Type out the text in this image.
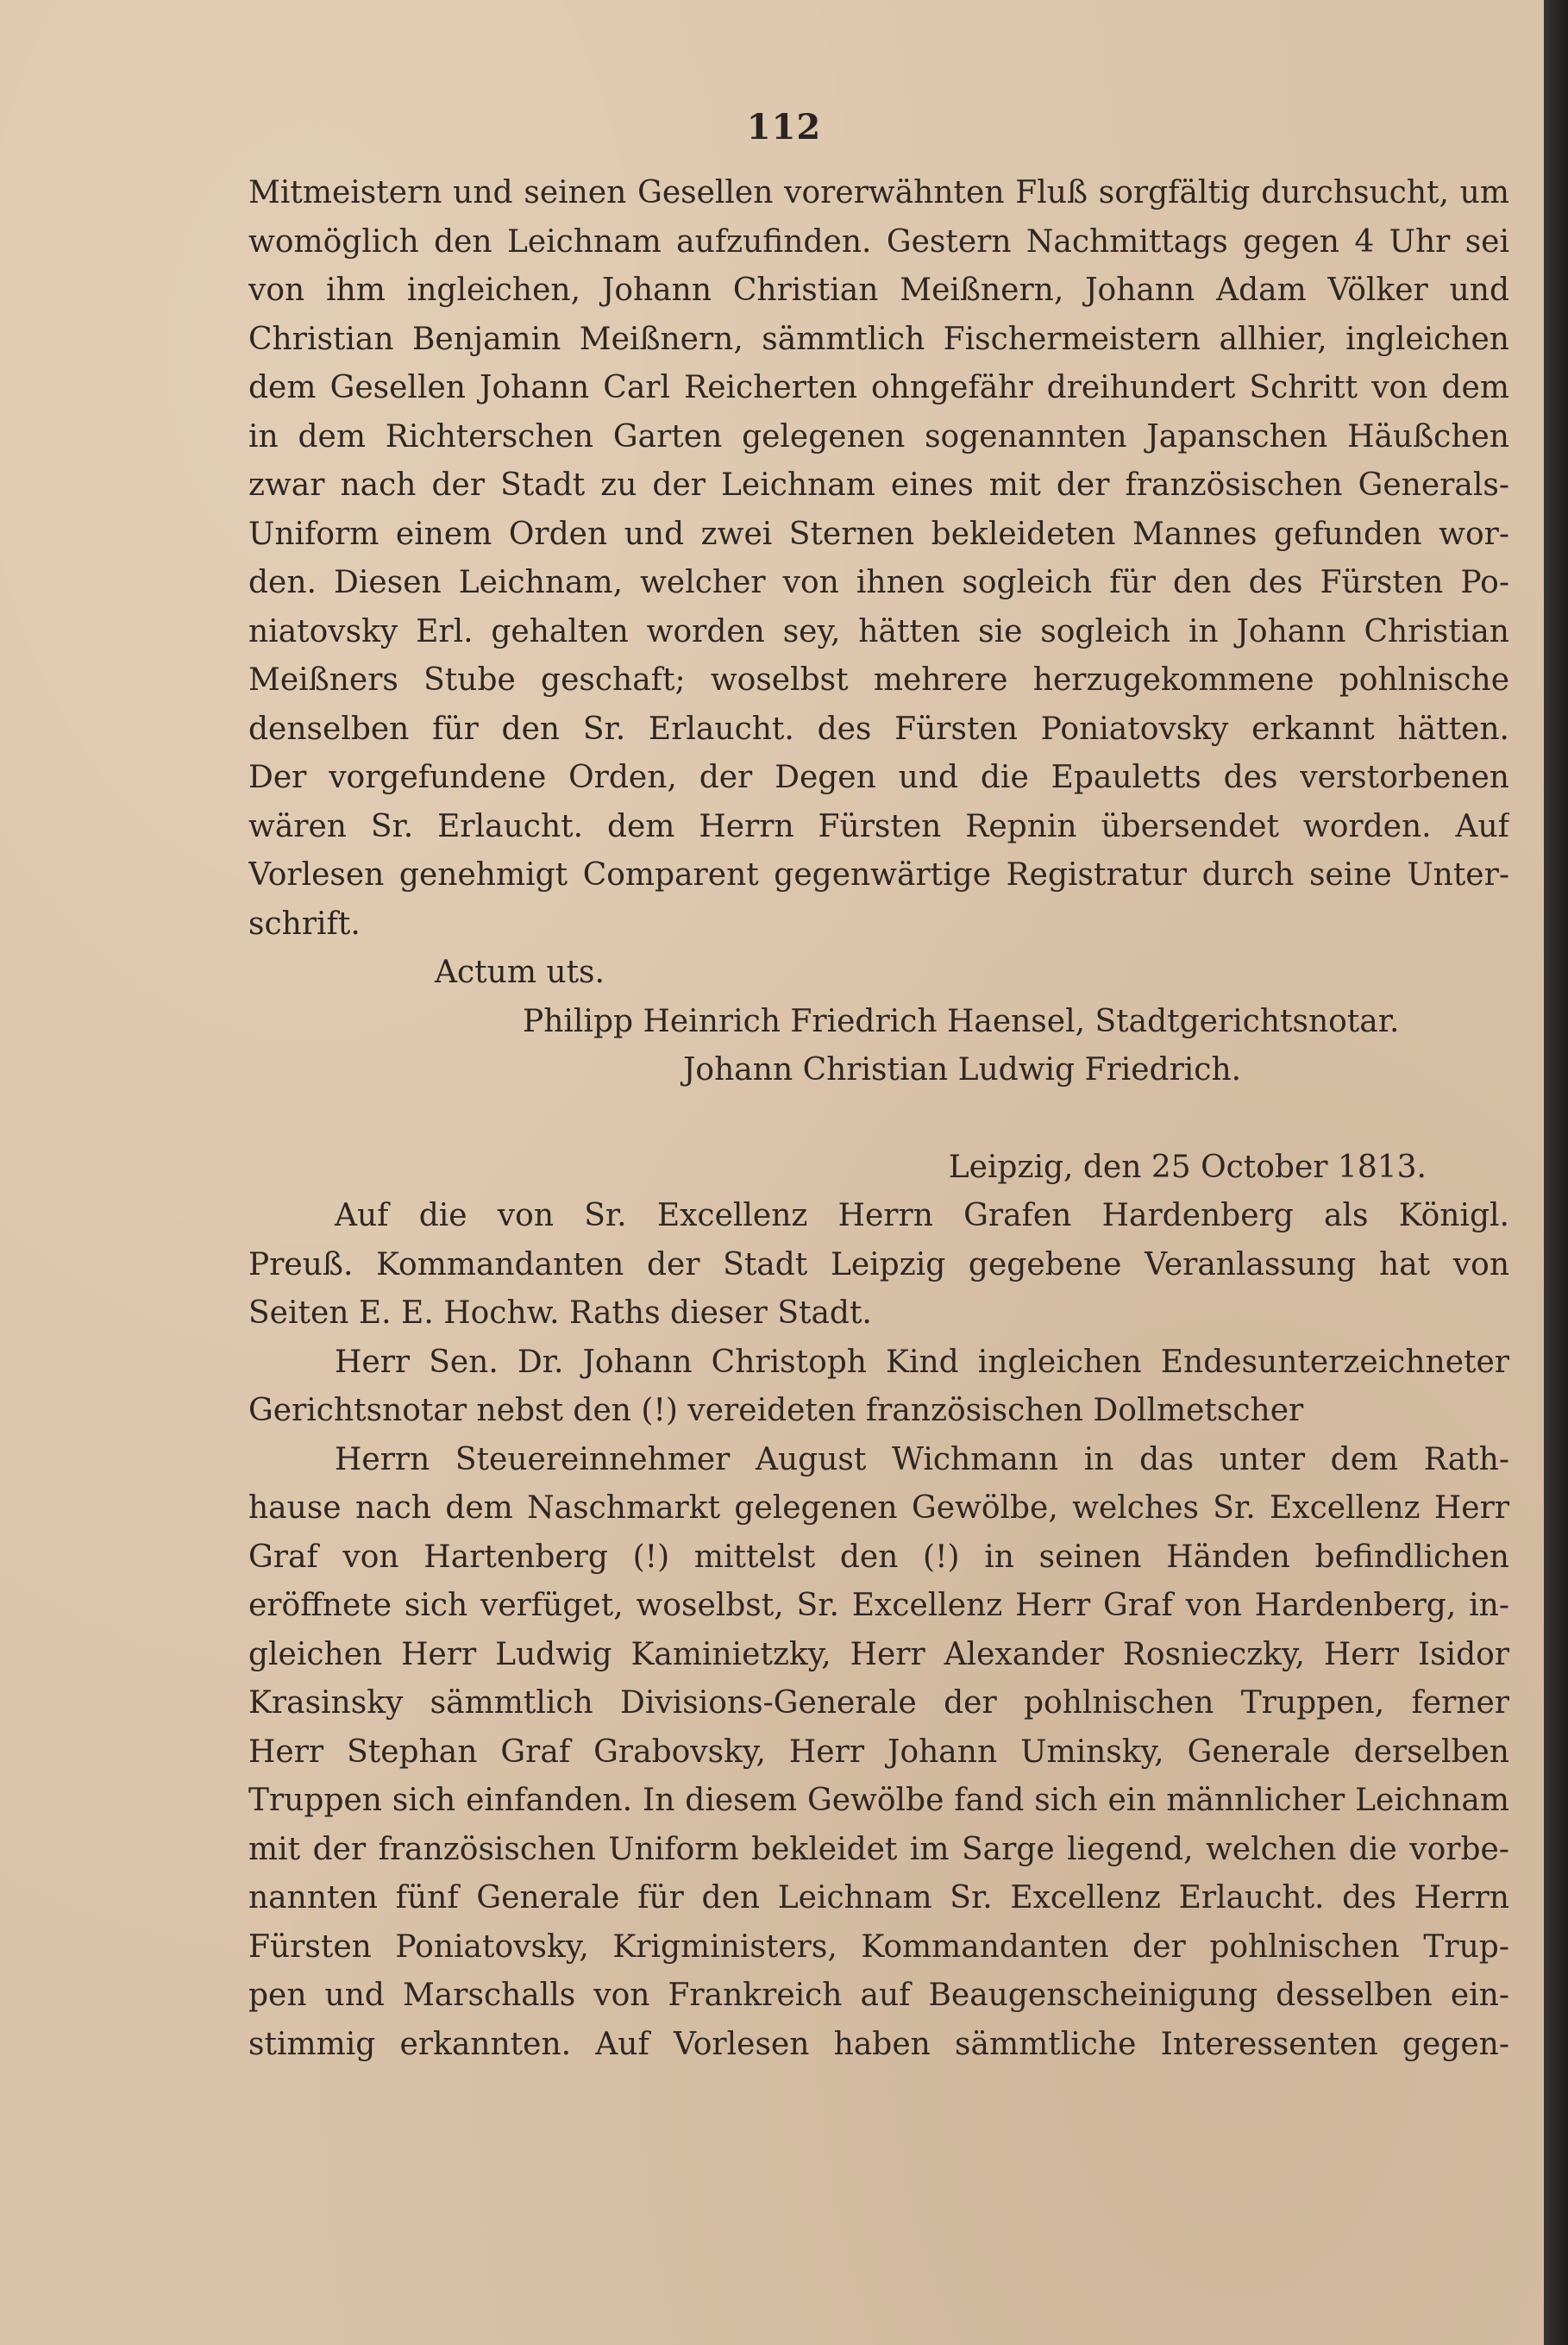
112
Mitmeistern und seinen Gesellen vorerwähnten Fluß sorgfältig durchsucht, um
womöglich den Leichnam aufzufinden. Gestern Nachmittags gegen 4 Uhr sei
von ihm ingleichen, Johann Christian Meißnern, Johann Adam Völker und
Christian Benjamin Meißnern, sämmtlich Fischermeistern allhier, ingleichen
dem Gesellen Johann Carl Reicherten ohngefähr dreihundert Schritt von dem
in dem Richterschen Garten gelegenen sogenannten Japanschen Häußchen
zwar nach der Stadt zu der Leichnam eines mit der französischen Generals-
Uniform einem Orden und zwei Sternen bekleideten Mannes gefunden wor-
den. Diesen Leichnam, welcher von ihnen sogleich für den des Fürsten Po-
niatovsky Erl. gehalten worden sey, hätten sie sogleich in Johann Christian
Meißners Stube geschaft; woselbst mehrere herzugekommene pohlnische
denselben für den Sr. Erlaucht. des Fürsten Poniatovsky erkannt hätten.
Der vorgefundene Orden, der Degen und die Epauletts des verstorbenen
wären Sr. Erlaucht. dem Herrn Fürsten Repnin übersendet worden. Auf
Vorlesen genehmigt Comparent gegenwärtige Registratur durch seine Unter-
schrift.
Actum uts.
Philipp Heinrich Friedrich Haensel, Stadtgerichtsnotar.
Johann Christian Ludwig Friedrich.
Leipzig, den 25 October 1813.
Auf die von Sr. Excellenz Herrn Grafen Hardenberg als Königl.
Preuß. Kommandanten der Stadt Leipzig gegebene Veranlassung hat von
Seiten E. E. Hochw. Raths dieser Stadt.
Herr Sen. Dr. Johann Christoph Kind ingleichen Endesunterzeichneter
Gerichtsnotar nebst den (!) vereideten französischen Dollmetscher
Herrn Steuereinnehmer August Wichmann in das unter dem Rath-
hause nach dem Naschmarkt gelegenen Gewölbe, welches Sr. Excellenz Herr
Graf von Hartenberg (!) mittelst den (!) in seinen Händen befindlichen
eröffnete sich verfüget, woselbst, Sr. Excellenz Herr Graf von Hardenberg, in-
gleichen Herr Ludwig Kaminietzky, Herr Alexander Rosnieczky, Herr Isidor
Krasinsky sämmtlich Divisions-Generale der pohlnischen Truppen, ferner
Herr Stephan Graf Grabovsky, Herr Johann Uminsky, Generale derselben
Truppen sich einfanden. In diesem Gewölbe fand sich ein männlicher Leichnam
mit der französischen Uniform bekleidet im Sarge liegend, welchen die vorbe-
nannten fünf Generale für den Leichnam Sr. Excellenz Erlaucht. des Herrn
Fürsten Poniatovsky, Krigministers, Kommandanten der pohlnischen Trup-
pen und Marschalls von Frankreich auf Beaugenscheinigung desselben ein-
stimmig erkannten. Auf Vorlesen haben sämmtliche Interessenten gegen-
